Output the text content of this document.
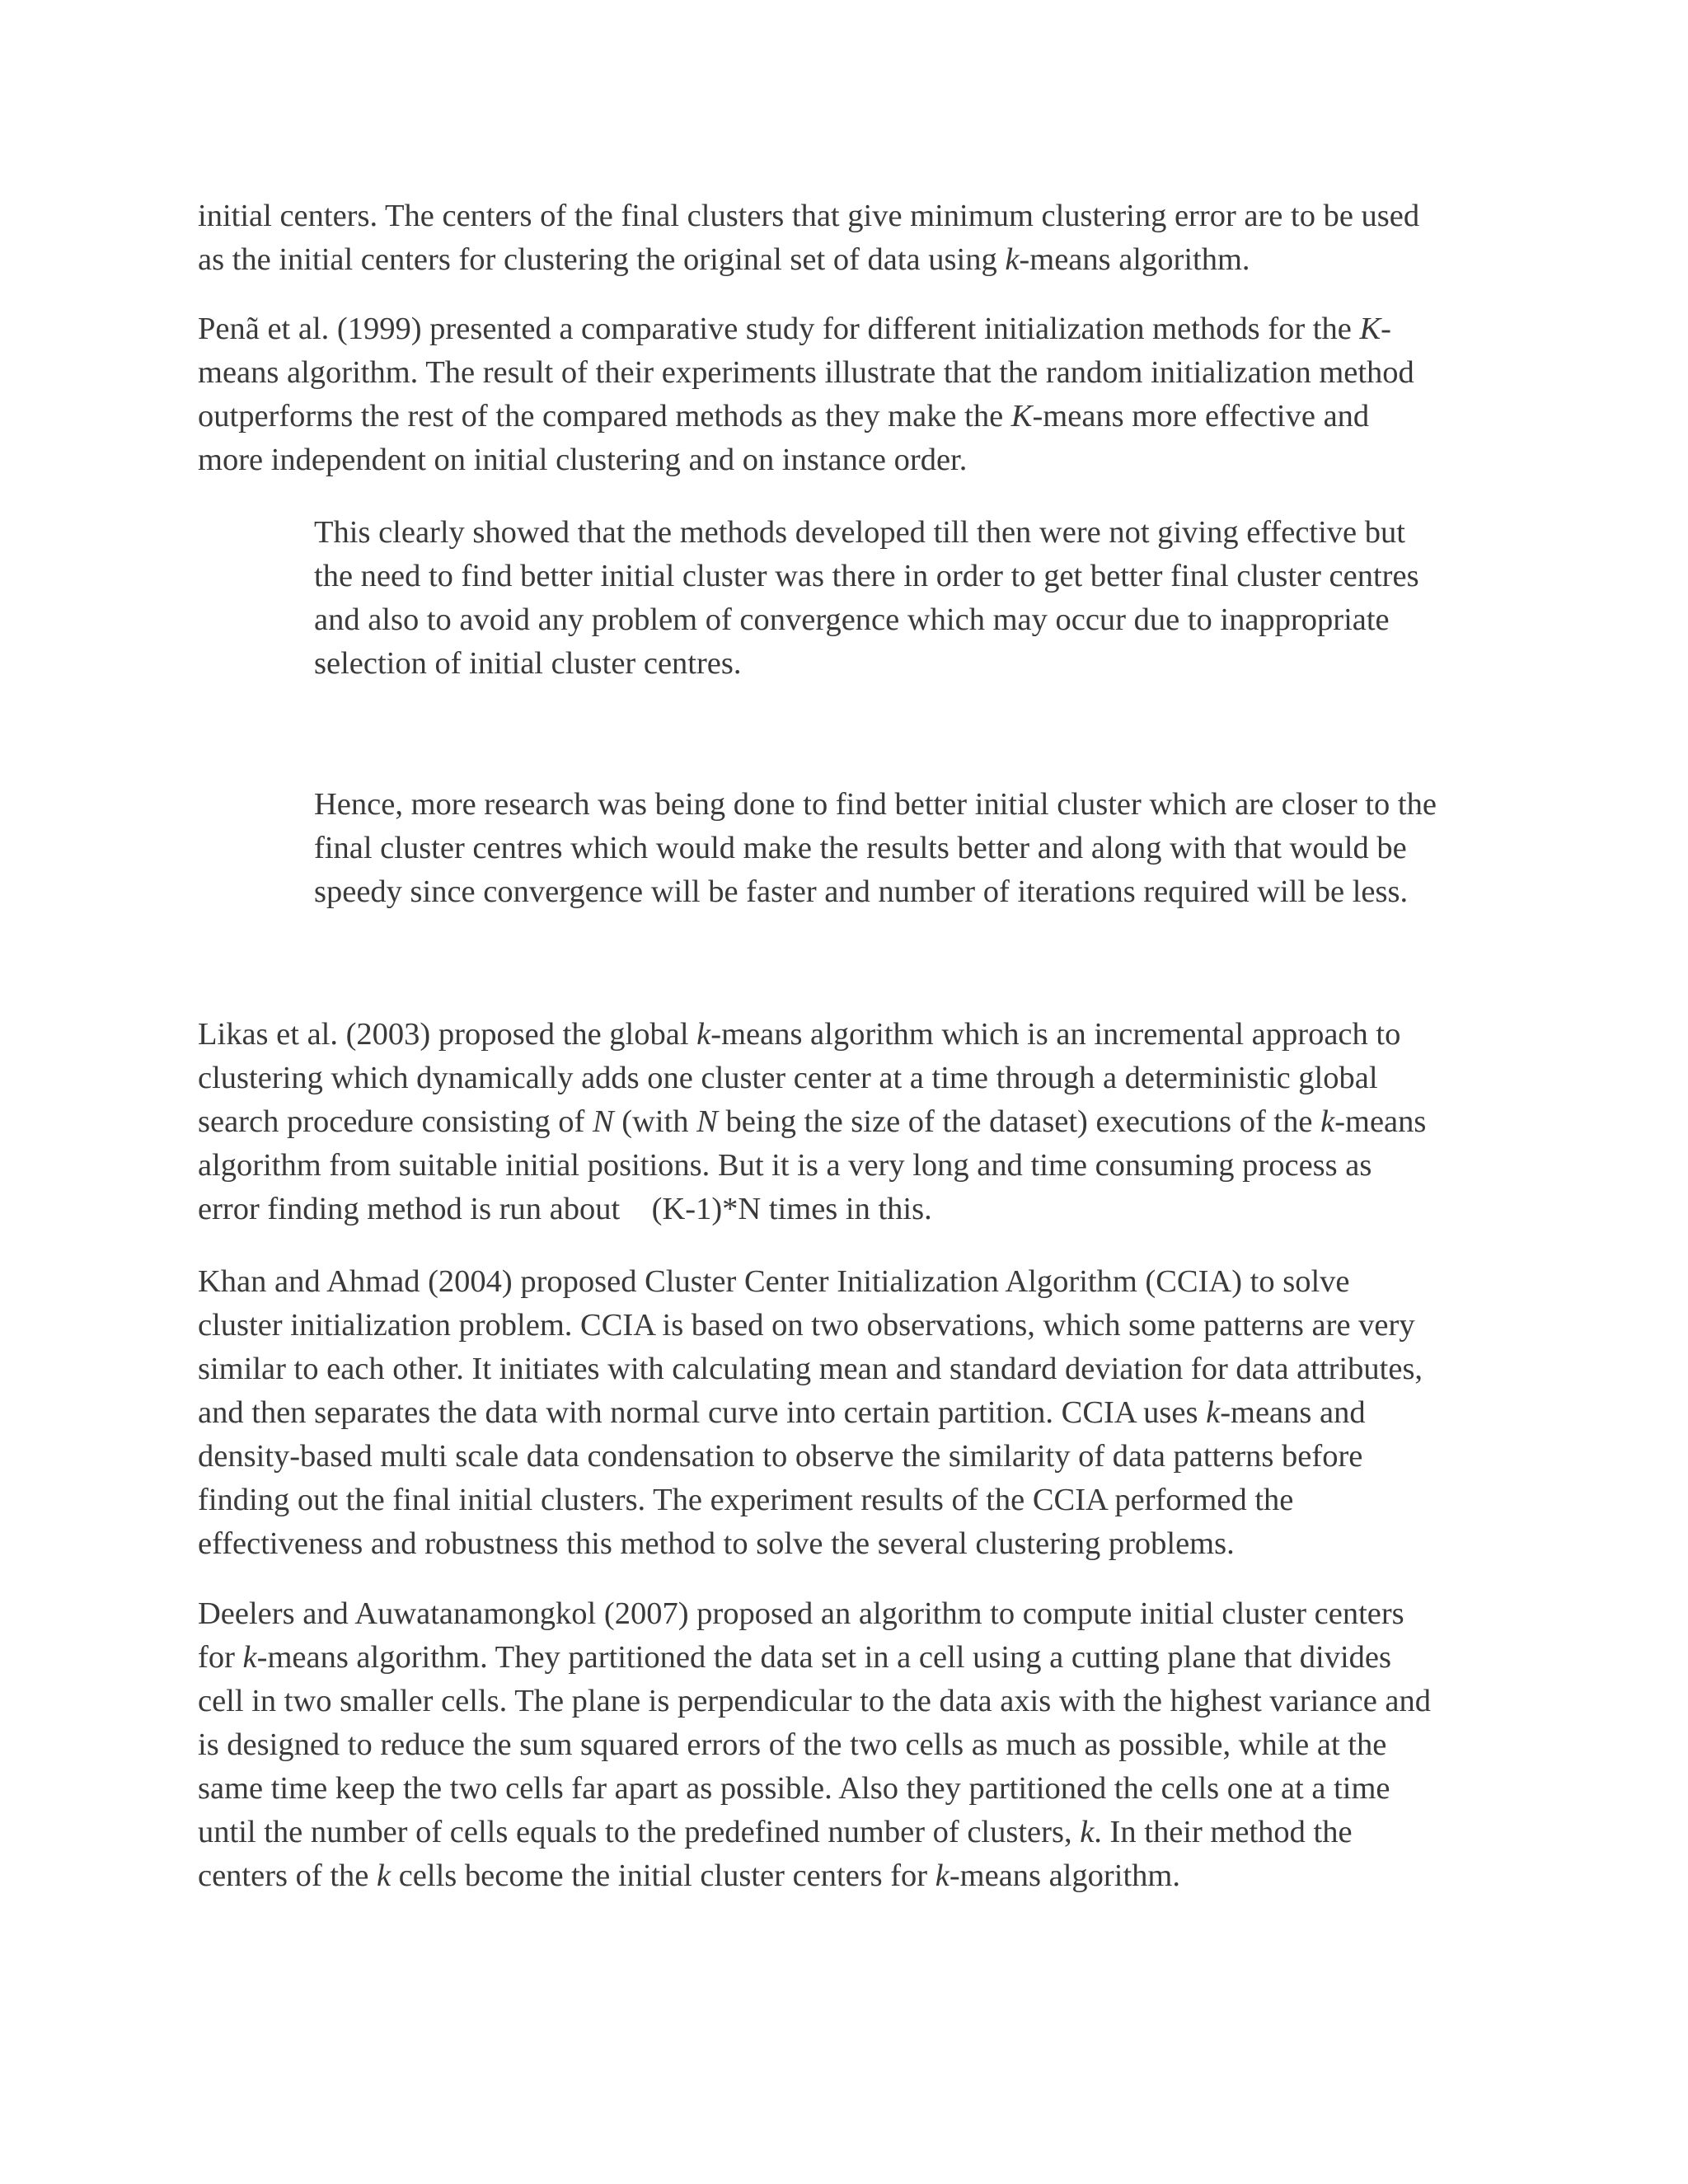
initial centers. The centers of the final clusters that give minimum clustering error are to be used
as the initial centers for clustering the original set of data using k-means algorithm.
Penã et al. (1999) presented a comparative study for different initialization methods for the K-
means algorithm. The result of their experiments illustrate that the random initialization method
outperforms the rest of the compared methods as they make the K-means more effective and
more independent on initial clustering and on instance order.
This clearly showed that the methods developed till then were not giving effective but
the need to find better initial cluster was there in order to get better final cluster centres
and also to avoid any problem of convergence which may occur due to inappropriate
selection of initial cluster centres.
Hence, more research was being done to find better initial cluster which are closer to the
final cluster centres which would make the results better and along with that would be
speedy since convergence will be faster and number of iterations required will be less.
Likas et al. (2003) proposed the global k-means algorithm which is an incremental approach to
clustering which dynamically adds one cluster center at a time through a deterministic global
search procedure consisting of N (with N being the size of the dataset) executions of the k-means
algorithm from suitable initial positions. But it is a very long and time consuming process as
error finding method is run about    (K-1)*N times in this.
Khan and Ahmad (2004) proposed Cluster Center Initialization Algorithm (CCIA) to solve
cluster initialization problem. CCIA is based on two observations, which some patterns are very
similar to each other. It initiates with calculating mean and standard deviation for data attributes,
and then separates the data with normal curve into certain partition. CCIA uses k-means and
density-based multi scale data condensation to observe the similarity of data patterns before
finding out the final initial clusters. The experiment results of the CCIA performed the
effectiveness and robustness this method to solve the several clustering problems.
Deelers and Auwatanamongkol (2007) proposed an algorithm to compute initial cluster centers
for k-means algorithm. They partitioned the data set in a cell using a cutting plane that divides
cell in two smaller cells. The plane is perpendicular to the data axis with the highest variance and
is designed to reduce the sum squared errors of the two cells as much as possible, while at the
same time keep the two cells far apart as possible. Also they partitioned the cells one at a time
until the number of cells equals to the predefined number of clusters, k. In their method the
centers of the k cells become the initial cluster centers for k-means algorithm.
